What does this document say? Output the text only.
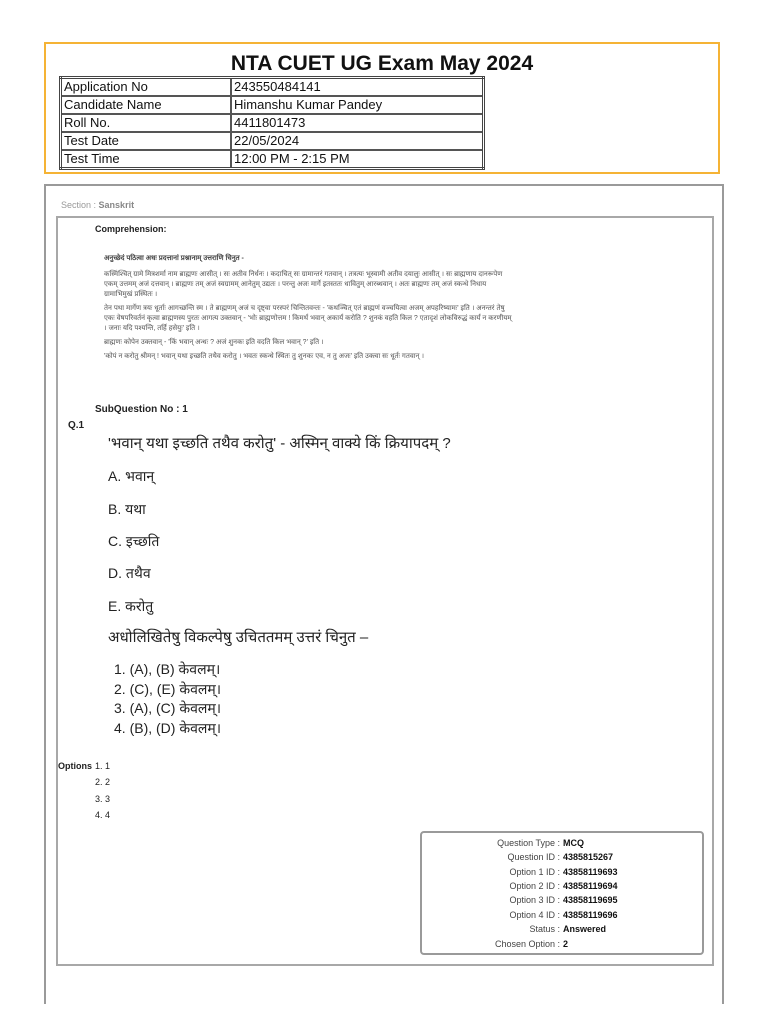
NTA CUET UG Exam May 2024
Application No	243550484141
Candidate Name	Himanshu Kumar Pandey
Roll No.	4411801473
Test Date	22/05/2024
Test Time	12:00 PM - 2:15 PM
Section : Sanskrit
Comprehension:
अनुच्छेदं पठित्वा अधः प्रदत्तानां प्रश्नानाम् उत्तराणि चिनुत -

कस्मिंश्चित् ग्रामे मित्रशर्मा नाम ब्राह्मणः आसीत् । सः अतीव निर्धनः । कदाचित् सः ग्रामान्तरं गतवान् । तत्रत्यः भूस्वामी अतीव दयालुः आसीत् । सः ब्राह्मणाय दानरूपेण एकम् उत्तमम् अजं दत्तवान् । ब्राह्मणः तम् अजं स्वग्रामम् आनेतुम् उद्यतः । परन्तु अजः मार्गे इतस्ततः धावितुम् आरब्धवान् । अतः ब्राह्मणः तम् अजं स्कन्धे निधाय ग्रामाभिमुखं प्रस्थितः ।

तेन पथा मार्गेण त्रयः धूर्ताः आगच्छन्ति स्म । ते ब्राह्मणम् अजं च दृष्ट्वा परस्परं चिन्तितवन्तः - 'कथञ्चित् एतं ब्राह्मणं वञ्चयित्वा अजम् अपहरिष्यामः' इति । अनन्तरं तेषु एकः वेषपरिवर्तनं कृत्वा ब्राह्मणस्य पुरतः आगत्य उक्तवान् - 'भोः ब्राह्मणोत्तम ! किमर्थं भवान् अकार्यं करोति ? शुनकं वहति किल ? एतादृशं लोकविरुद्धं कार्यं न करणीयम् । जनाः यदि पश्यन्ति, तर्हि हसेयुः' इति ।

ब्राह्मणः कोपेन उक्तवान् - 'किं भवान् अन्धः ? अजं शुनकः इति वदति किल भवान् ?' इति ।

'कोपं न करोतु श्रीमन् ! भवान् यथा इच्छति तथैव करोतु । भवतः स्कन्धे स्थितः तु शुनकः एव, न तु अजः' इति उक्त्वा सः धूर्तः गतवान् ।

SubQuestion No : 1
Q.1
'भवान् यथा इच्छति तथैव करोतु' - अस्मिन् वाक्ये किं क्रियापदम् ?
A. भवान्
B. यथा
C. इच्छति
D. तथैव
E. करोतु
अधोलिखितेषु विकल्पेषु उचिततमम् उत्तरं चिनुत –
1. (A), (B) केवलम्।
2. (C), (E) केवलम्।
3. (A), (C) केवलम्।
4. (B), (D) केवलम्।
Options 1. 1
2. 2
3. 3
4. 4
Question Type : MCQ
Question ID : 4385815267
Option 1 ID : 43858119693
Option 2 ID : 43858119694
Option 3 ID : 43858119695
Option 4 ID : 43858119696
Status : Answered
Chosen Option : 2
